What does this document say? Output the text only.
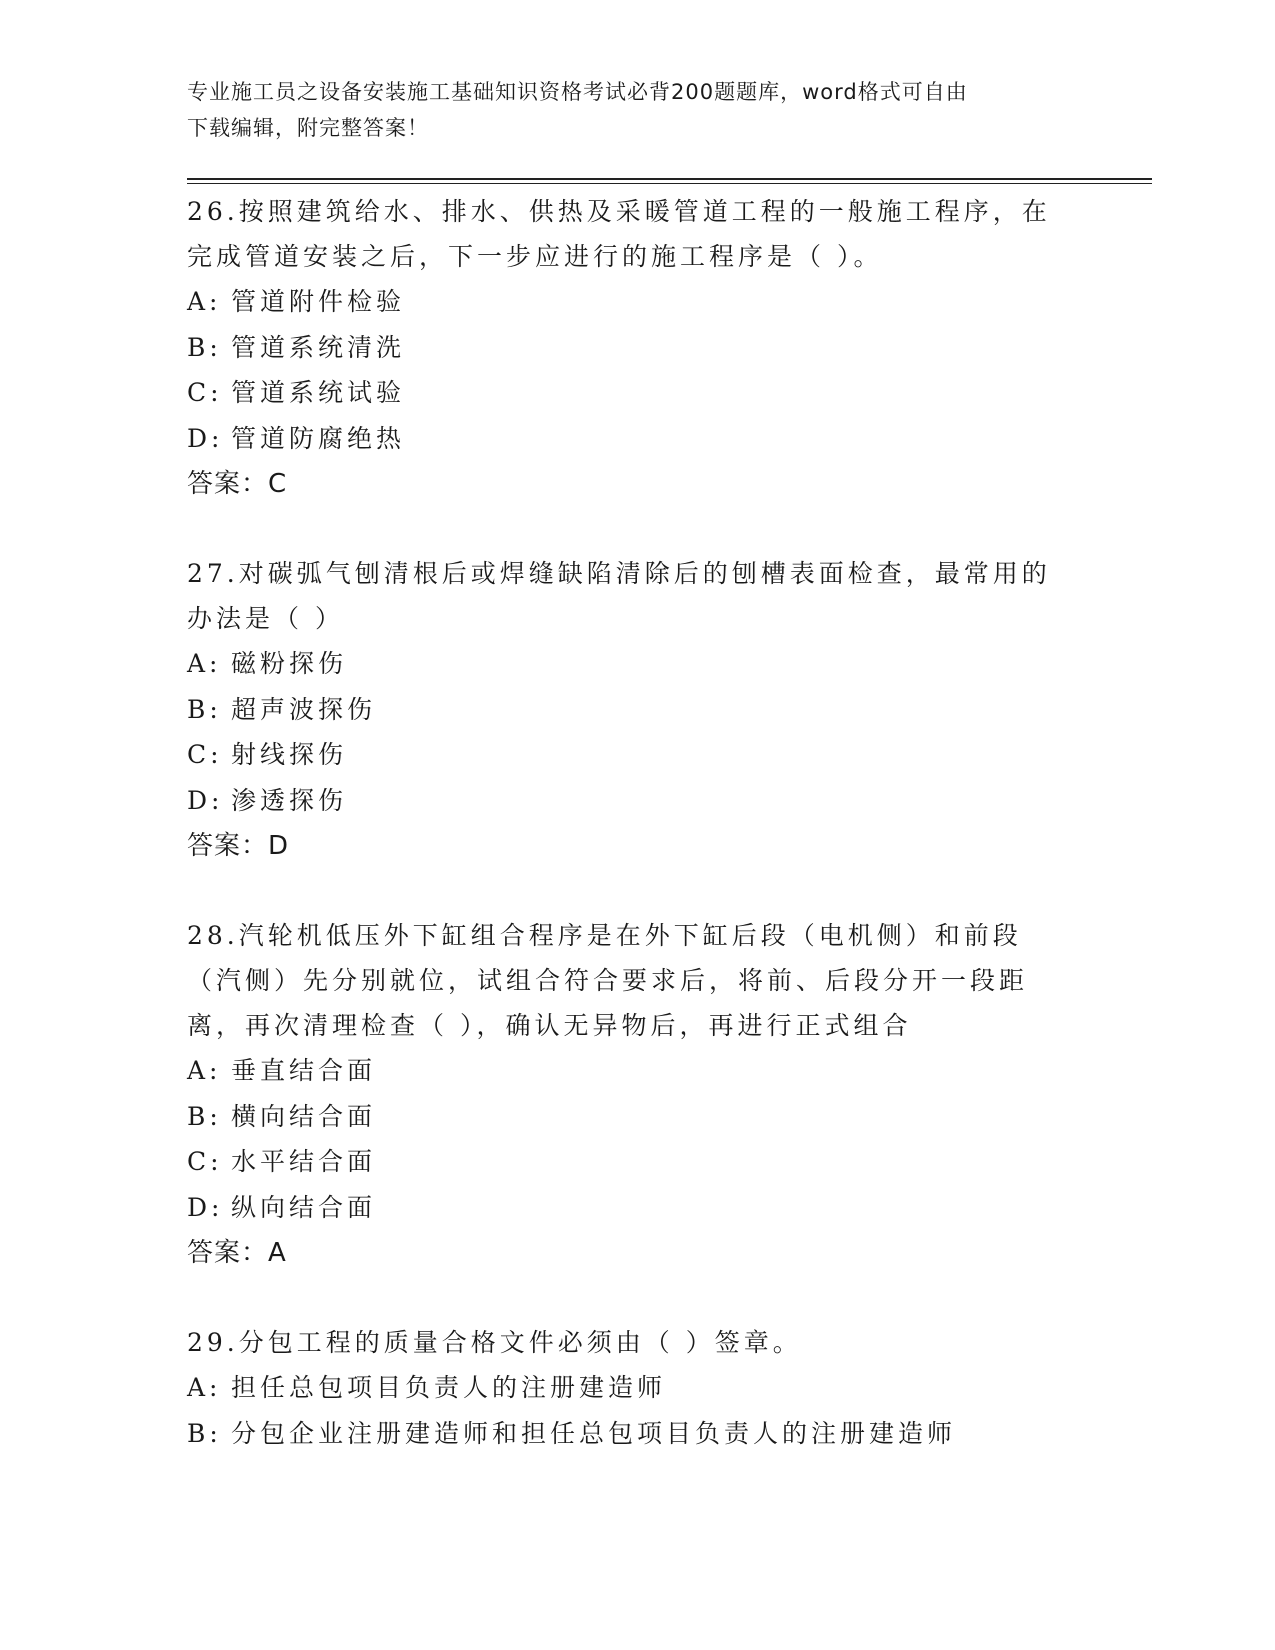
专业施工员之设备安装施工基础知识资格考试必背200题题库，word格式可自由
下载编辑，附完整答案！

26.按照建筑给水、排水、供热及采暖管道工程的一般施工程序，在完成管道安装之后，下一步应进行的施工程序是（ ）。

A: 管道附件检验
B: 管道系统清洗
C: 管道系统试验
D: 管道防腐绝热
答案：C

27.对碳弧气刨清根后或焊缝缺陷清除后的刨槽表面检查，最常用的办法是（ ）

A: 磁粉探伤
B: 超声波探伤
C: 射线探伤
D: 渗透探伤
答案：D

28.汽轮机低压外下缸组合程序是在外下缸后段（电机侧）和前段（汽侧）先分别就位，试组合符合要求后，将前、后段分开一段距离，再次清理检查（ ），确认无异物后，再进行正式组合

A: 垂直结合面
B: 横向结合面
C: 水平结合面
D: 纵向结合面
答案：A

29.分包工程的质量合格文件必须由（ ）签章。

A: 担任总包项目负责人的注册建造师
B: 分包企业注册建造师和担任总包项目负责人的注册建造师
